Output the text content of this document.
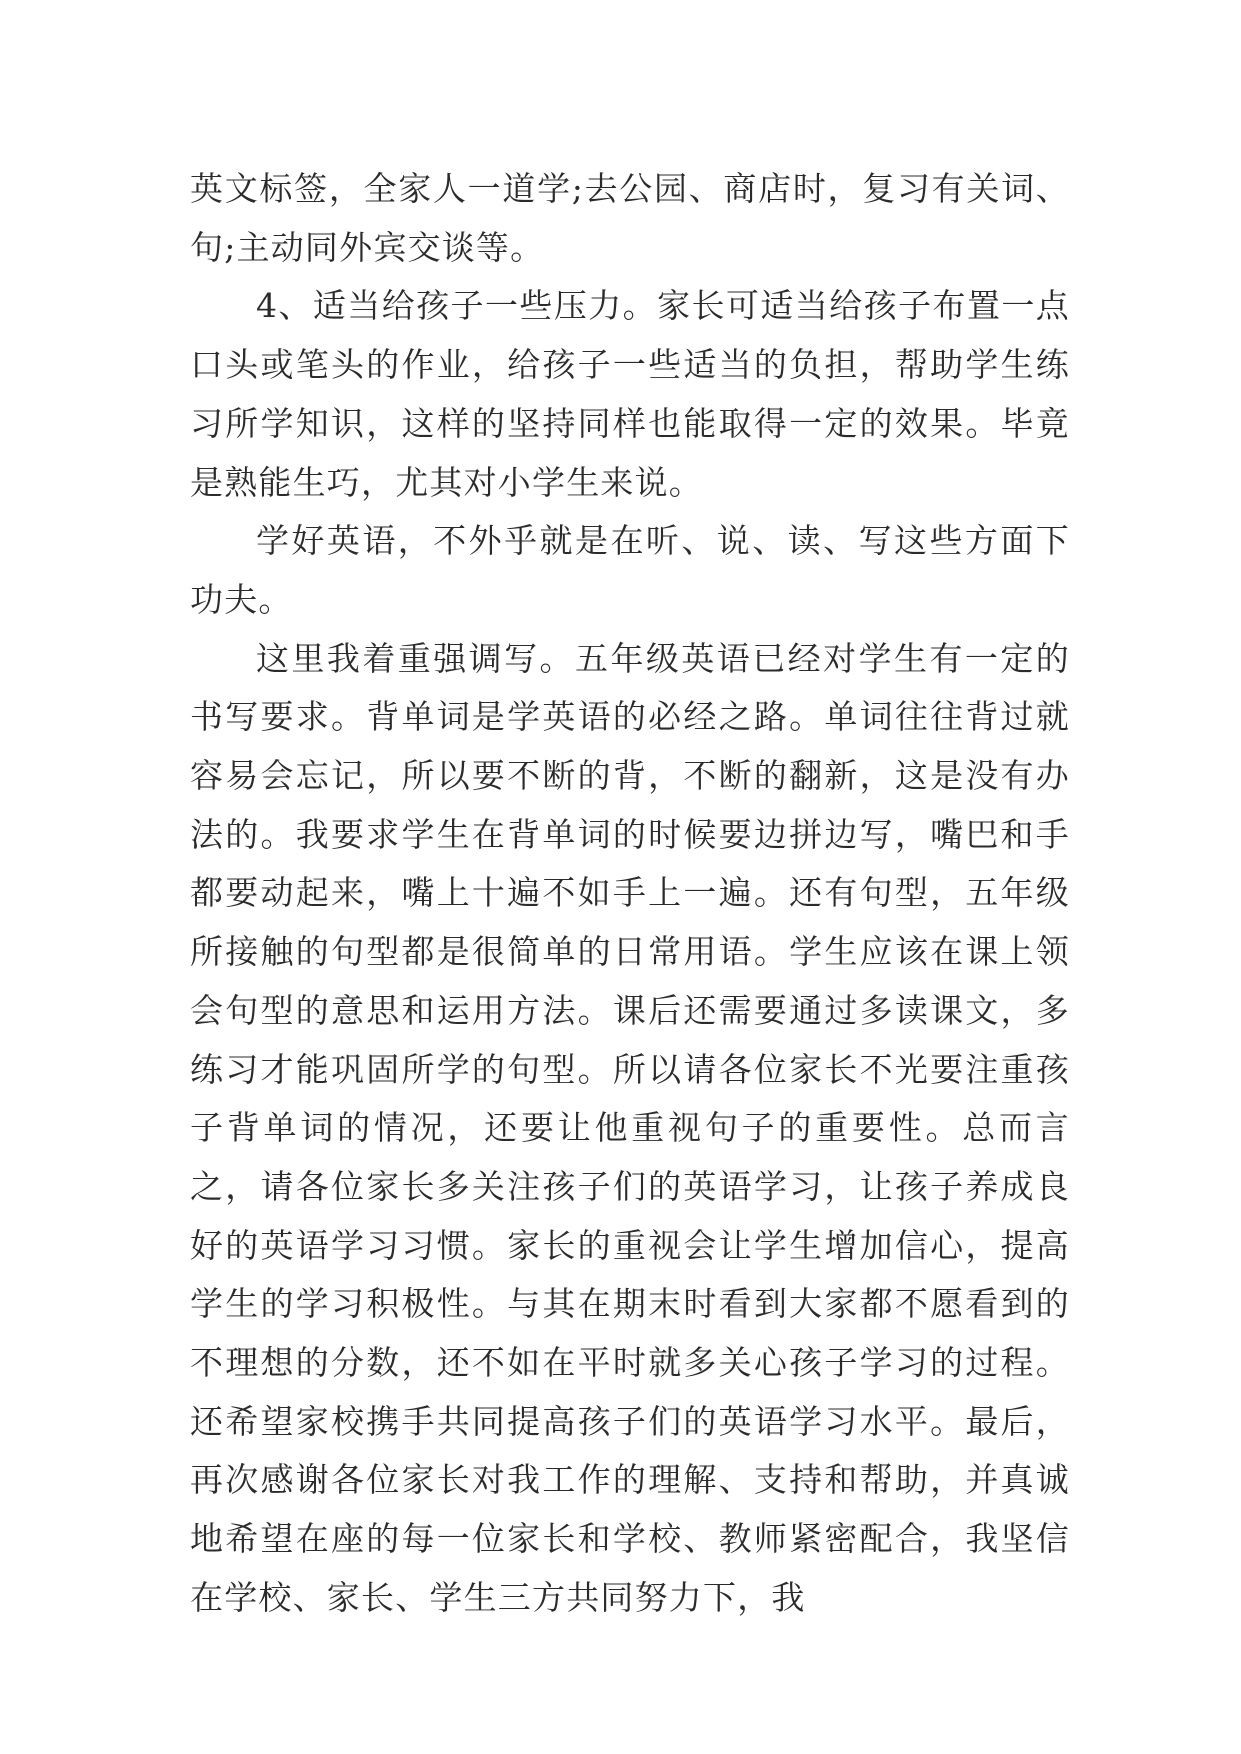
英文标签，全家人一道学;去公园、商店时，复习有关词、句;主动同外宾交谈等。

4、适当给孩子一些压力。家长可适当给孩子布置一点口头或笔头的作业，给孩子一些适当的负担，帮助学生练习所学知识，这样的坚持同样也能取得一定的效果。毕竟是熟能生巧，尤其对小学生来说。

学好英语，不外乎就是在听、说、读、写这些方面下功夫。

这里我着重强调写。五年级英语已经对学生有一定的书写要求。背单词是学英语的必经之路。单词往往背过就容易会忘记，所以要不断的背，不断的翻新，这是没有办法的。我要求学生在背单词的时候要边拼边写，嘴巴和手都要动起来，嘴上十遍不如手上一遍。还有句型，五年级所接触的句型都是很简单的日常用语。学生应该在课上领会句型的意思和运用方法。课后还需要通过多读课文，多练习才能巩固所学的句型。所以请各位家长不光要注重孩子背单词的情况，还要让他重视句子的重要性。总而言之，请各位家长多关注孩子们的英语学习，让孩子养成良好的英语学习习惯。家长的重视会让学生增加信心，提高学生的学习积极性。与其在期末时看到大家都不愿看到的不理想的分数，还不如在平时就多关心孩子学习的过程。还希望家校携手共同提高孩子们的英语学习水平。最后，再次感谢各位家长对我工作的理解、支持和帮助，并真诚地希望在座的每一位家长和学校、教师紧密配合，我坚信在学校、家长、学生三方共同努力下，我
